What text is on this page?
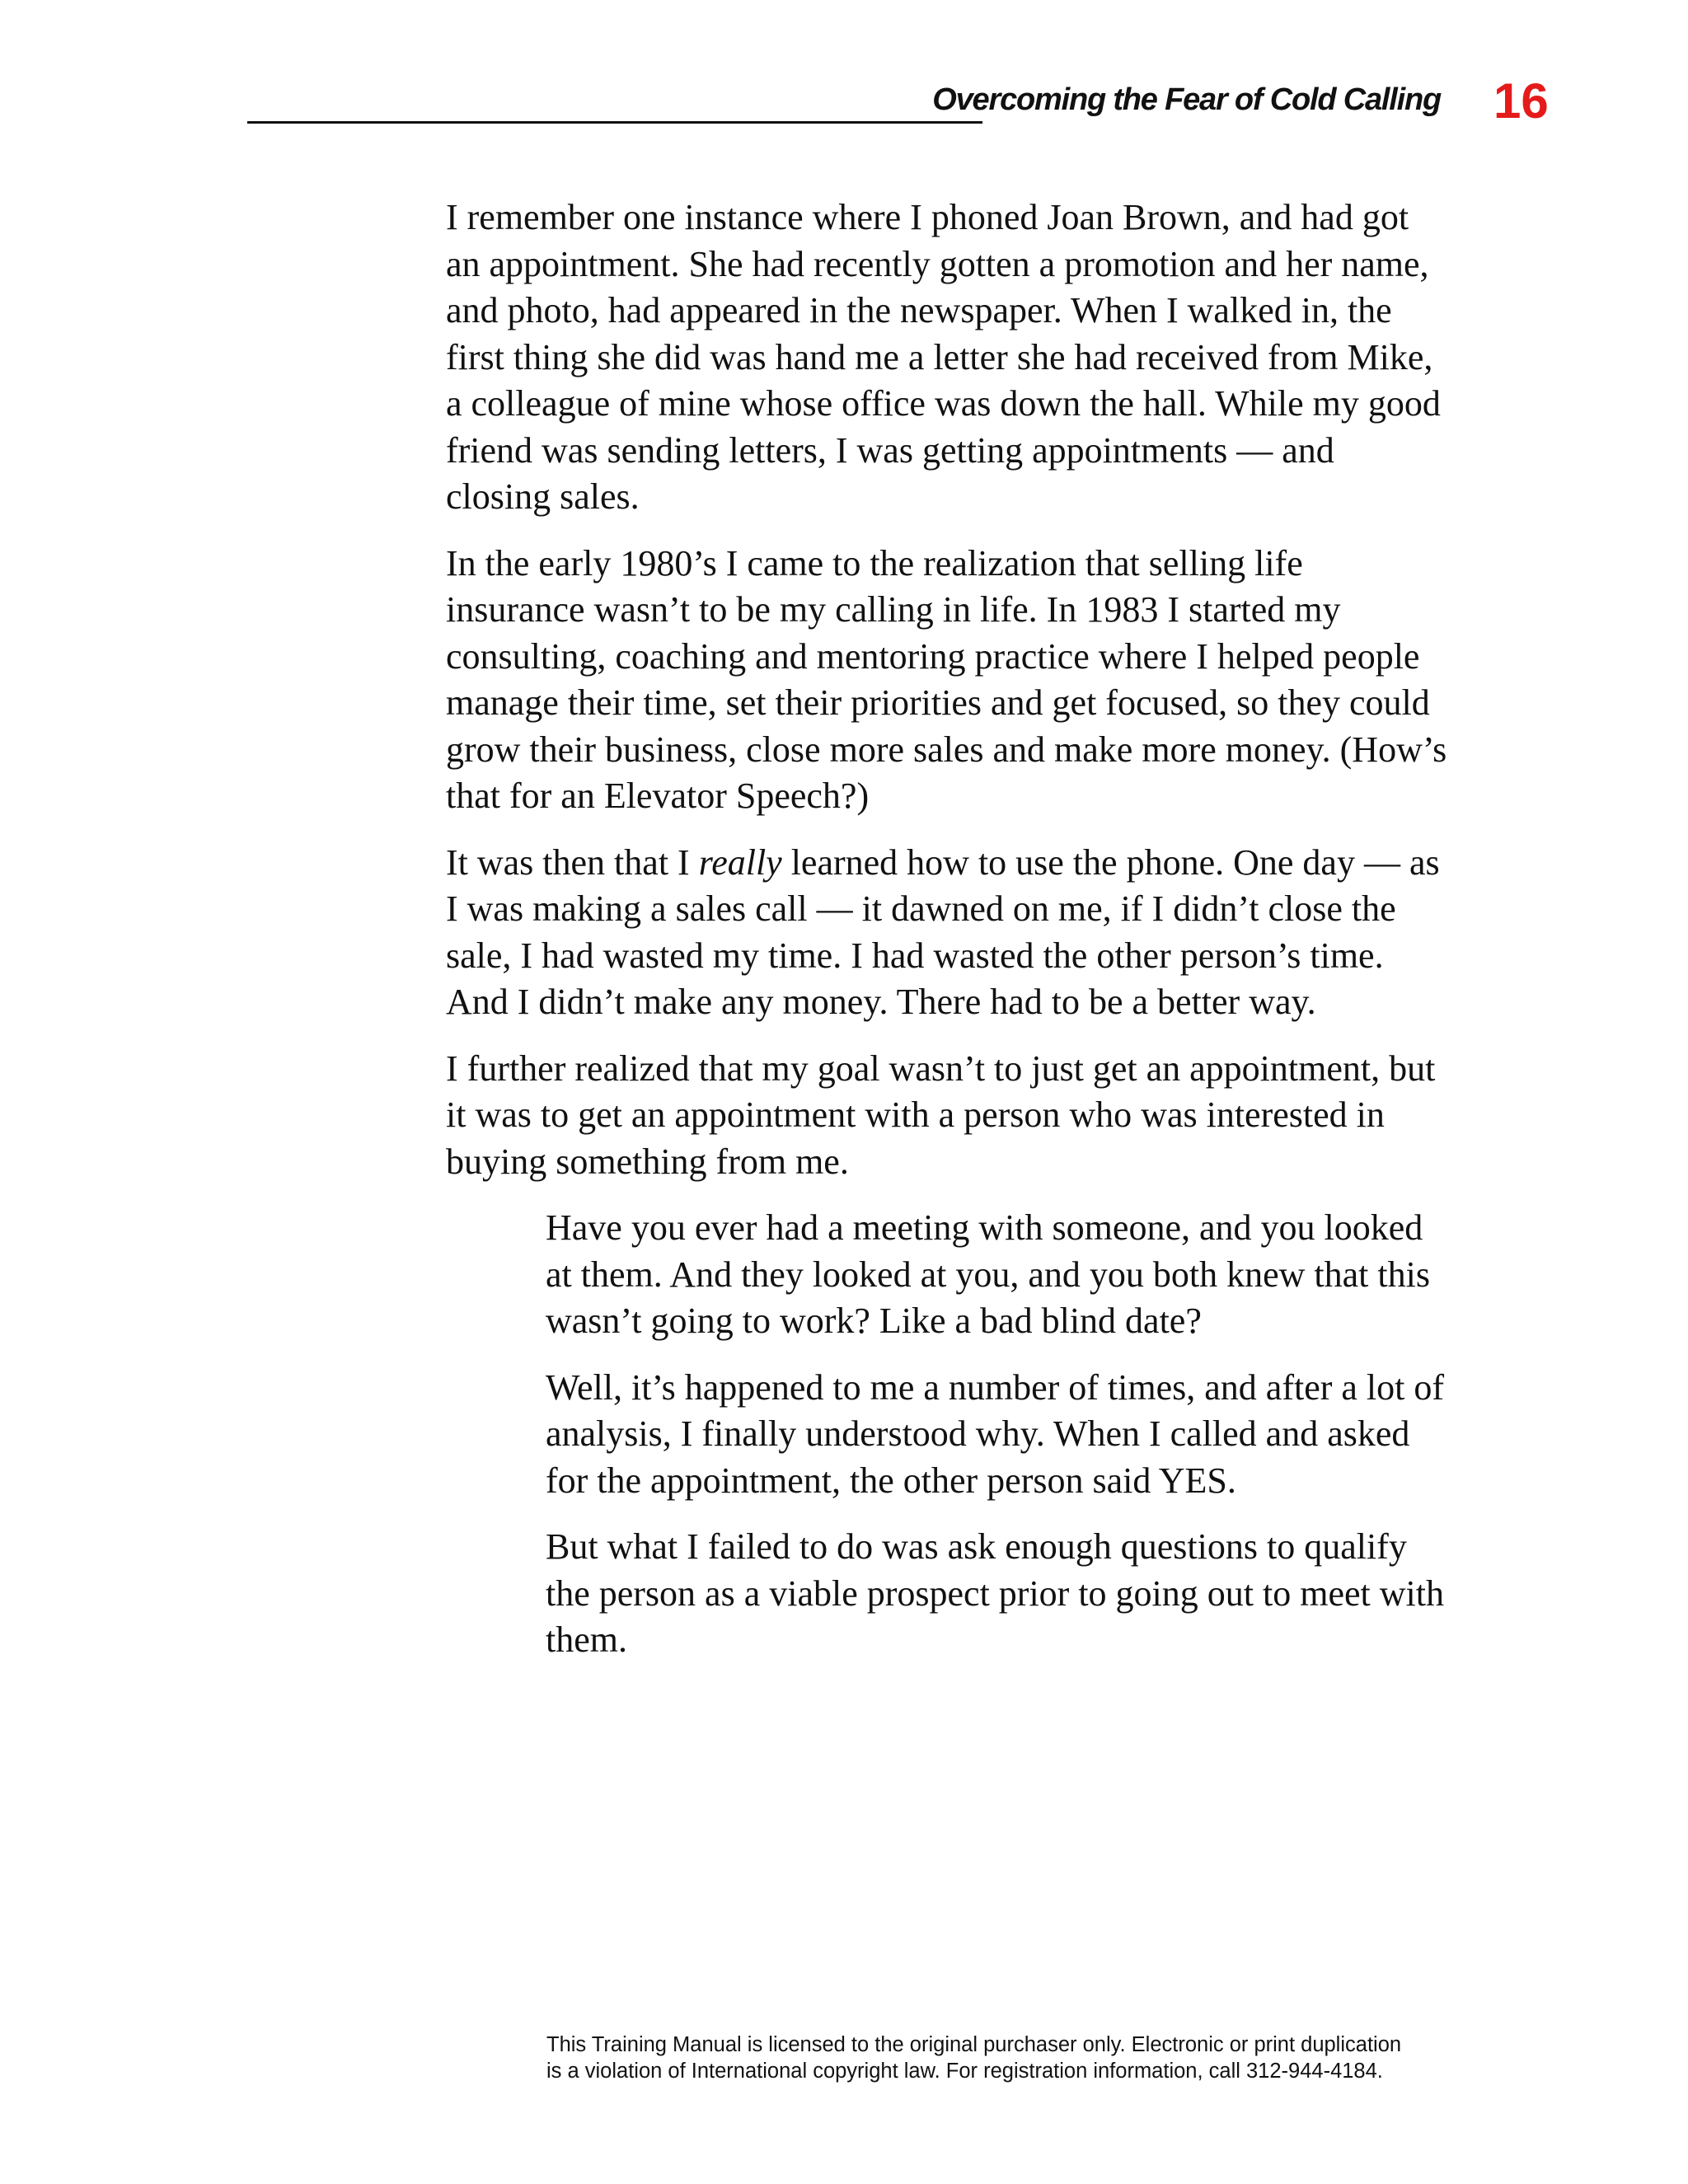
Overcoming the Fear of Cold Calling 16

I remember one instance where I phoned Joan Brown, and had got an appointment. She had recently gotten a promotion and her name, and photo, had appeared in the newspaper. When I walked in, the first thing she did was hand me a letter she had received from Mike, a colleague of mine whose office was down the hall. While my good friend was sending letters, I was getting appointments — and closing sales.

In the early 1980’s I came to the realization that selling life insurance wasn’t to be my calling in life. In 1983 I started my consulting, coaching and mentoring practice where I helped people manage their time, set their priorities and get focused, so they could grow their business, close more sales and make more money. (How’s that for an Elevator Speech?)

It was then that I really learned how to use the phone. One day — as I was making a sales call — it dawned on me, if I didn’t close the sale, I had wasted my time. I had wasted the other person’s time. And I didn’t make any money. There had to be a better way.

I further realized that my goal wasn’t to just get an appointment, but it was to get an appointment with a person who was interested in buying something from me.

Have you ever had a meeting with someone, and you looked at them. And they looked at you, and you both knew that this wasn’t going to work? Like a bad blind date?

Well, it’s happened to me a number of times, and after a lot of analysis, I finally understood why. When I called and asked for the appointment, the other person said YES.

But what I failed to do was ask enough questions to qualify the person as a viable prospect prior to going out to meet with them.

This Training Manual is licensed to the original purchaser only. Electronic or print duplication
is a violation of International copyright law. For registration information, call 312-944-4184.
